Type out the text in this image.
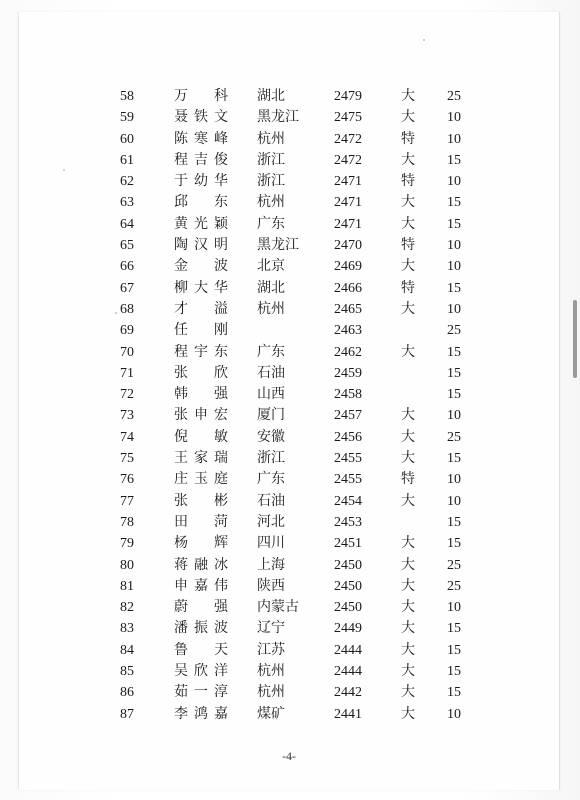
58	万科 湖北	2479	大 25
59	聂铁文 黑龙江	2475	大 10
60	陈寒峰 杭州	2472	特 10
61	程吉俊 浙江	2472	大 15
62	于幼华 浙江	2471	特 10
63	邱东 杭州	2471	大 15
64	黄光颖 广东	2471	大 15
65	陶汉明 黑龙江	2470	特 10
66	金波 北京	2469	大 10
67	柳大华 湖北	2466	特 15
68	才溢 杭州	2465	大 10
69	任刚	2463	25
70	程宇东 广东	2462	大 15
71	张欣 石油	2459	15
72	韩强 山西	2458	15
73	张申宏 厦门	2457	大 10
74	倪敏 安徽	2456	大 25
75	王家瑞 浙江	2455	大 15
76	庄玉庭 广东	2455	特 10
77	张彬 石油	2454	大 10
78	田菏 河北	2453	15
79	杨辉 四川	2451	大 15
80	蒋融冰 上海	2450	大 25
81	申嘉伟 陕西	2450	大 25
82	蔚强 内蒙古	2450	大 10
83	潘振波 辽宁	2449	大 15
84	鲁天 江苏	2444	大 15
85	吴欣洋 杭州	2444	大 15
86	茹一淳 杭州	2442	大 15
87	李鸿嘉 煤矿	2441	大 10
-4-
